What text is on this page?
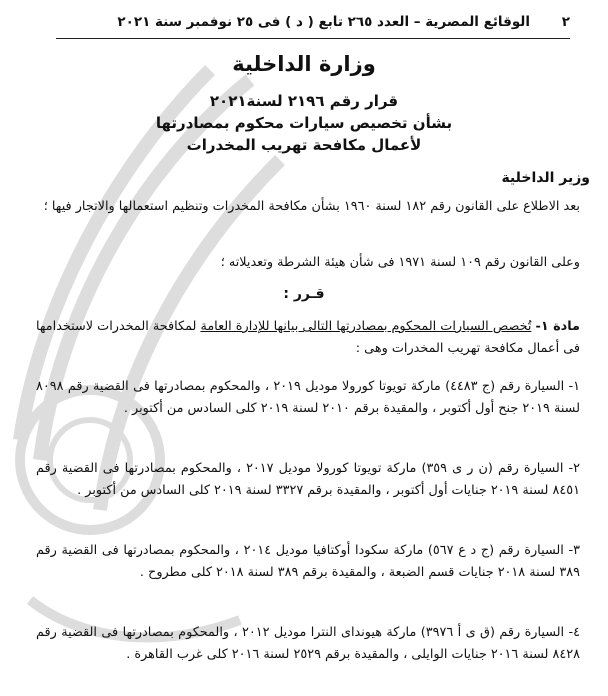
٢
الوقائع المصرية – العدد ٢٦٥ تابع ( د ) فى ٢٥ نوفمبر سنة ٢٠٢١
وزارة الداخلية
قرار رقم ٢١٩٦ لسنة٢٠٢١
بشأن تخصيص سيارات محكوم بمصادرتها
لأعمال مكافحة تهريب المخدرات
وزير الداخلية
بعد الاطلاع على القانون رقم ١٨٢ لسنة ١٩٦٠ بشأن مكافحة المخدرات وتنظيم استعمالها والاتجار فيها ؛
وعلى القانون رقم ١٠٩ لسنة ١٩٧١ فى شأن هيئة الشرطة وتعديلاته ؛
قـرر :
مادة ١- تُخصص السيارات المحكوم بمصادرتها التالى بيانها للإدارة العامة لمكافحة المخدرات لاستخدامها فى أعمال مكافحة تهريب المخدرات وهى :
١- السيارة رقم (ج ٤٤٨٣) ماركة تويوتا كورولا موديل ٢٠١٩ ، والمحكوم بمصادرتها فى القضية رقم ٨٠٩٨ لسنة ٢٠١٩ جنح أول أكتوبر ، والمقيدة برقم ٢٠١٠ لسنة ٢٠١٩ كلى السادس من أكتوبر .
٢- السيارة رقم (ن ر ى ٣٥٩) ماركة تويوتا كورولا موديل ٢٠١٧ ، والمحكوم بمصادرتها فى القضية رقم ٨٤٥١ لسنة ٢٠١٩ جنايات أول أكتوبر ، والمقيدة برقم ٣٣٢٧ لسنة ٢٠١٩ كلى السادس من أكتوبر .
٣- السيارة رقم (ج د ع ٥٦٧) ماركة سكودا أوكتافيا موديل ٢٠١٤ ، والمحكوم بمصادرتها فى القضية رقم ٣٨٩ لسنة ٢٠١٨ جنايات قسم الضبعة ، والمقيدة برقم ٣٨٩ لسنة ٢٠١٨ كلى مطروح .
٤- السيارة رقم (ق ى أ ٣٩٧٦) ماركة هيونداى النترا موديل ٢٠١٢ ، والمحكوم بمصادرتها فى القضية رقم ٨٤٢٨ لسنة ٢٠١٦ جنايات الوايلى ، والمقيدة برقم ٢٥٢٩ لسنة ٢٠١٦ كلى غرب القاهرة .
